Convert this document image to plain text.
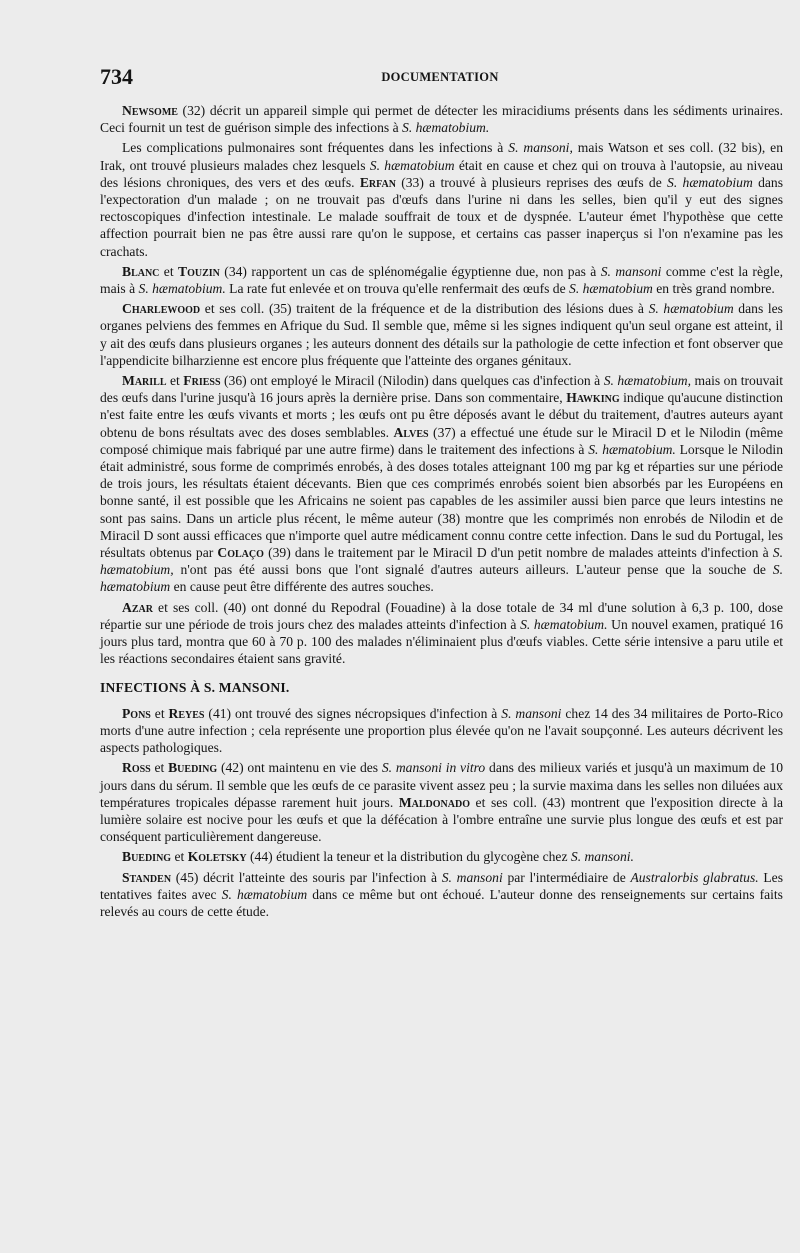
734	DOCUMENTATION

Newsome (32) décrit un appareil simple qui permet de détecter les miracidiums présents dans les sédiments urinaires. Ceci fournit un test de guérison simple des infections à S. hæmatobium.

Les complications pulmonaires sont fréquentes dans les infections à S. mansoni, mais Watson et ses coll. (32 bis), en Irak, ont trouvé plusieurs malades chez lesquels S. hæmatobium était en cause et chez qui on trouva à l'autopsie, au niveau des lésions chroniques, des vers et des œufs. Erfan (33) a trouvé à plusieurs reprises des œufs de S. hæmatobium dans l'expectoration d'un malade ; on ne trouvait pas d'œufs dans l'urine ni dans les selles, bien qu'il y eut des signes rectoscopiques d'infection intestinale. Le malade souffrait de toux et de dyspnée. L'auteur émet l'hypothèse que cette affection pourrait bien ne pas être aussi rare qu'on le suppose, et certains cas passer inaperçus si l'on n'examine pas les crachats.

Blanc et Touzin (34) rapportent un cas de splénomégalie égyptienne due, non pas à S. mansoni comme c'est la règle, mais à S. hæmatobium. La rate fut enlevée et on trouva qu'elle renfermait des œufs de S. hæmatobium en très grand nombre.

Charlewood et ses coll. (35) traitent de la fréquence et de la distribution des lésions dues à S. hæmatobium dans les organes pelviens des femmes en Afrique du Sud. Il semble que, même si les signes indiquent qu'un seul organe est atteint, il y ait des œufs dans plusieurs organes ; les auteurs donnent des détails sur la pathologie de cette infection et font observer que l'appendicite bilharzienne est encore plus fréquente que l'atteinte des organes génitaux.

Marill et Friess (36) ont employé le Miracil (Nilodin) dans quelques cas d'infection à S. hæmatobium, mais on trouvait des œufs dans l'urine jusqu'à 16 jours après la dernière prise. Dans son commentaire, Hawking indique qu'aucune distinction n'est faite entre les œufs vivants et morts ; les œufs ont pu être déposés avant le début du traitement, d'autres auteurs ayant obtenu de bons résultats avec des doses semblables. Alves (37) a effectué une étude sur le Miracil D et le Nilodin (même composé chimique mais fabriqué par une autre firme) dans le traitement des infections à S. hæmatobium. Lorsque le Nilodin était administré, sous forme de comprimés enrobés, à des doses totales atteignant 100 mg par kg et réparties sur une période de trois jours, les résultats étaient décevants. Bien que ces comprimés enrobés soient bien absorbés par les Européens en bonne santé, il est possible que les Africains ne soient pas capables de les assimiler aussi bien parce que leurs intestins ne sont pas sains. Dans un article plus récent, le même auteur (38) montre que les comprimés non enrobés de Nilodin et de Miracil D sont aussi efficaces que n'importe quel autre médicament connu contre cette infection. Dans le sud du Portugal, les résultats obtenus par Colaço (39) dans le traitement par le Miracil D d'un petit nombre de malades atteints d'infection à S. hæmatobium, n'ont pas été aussi bons que l'ont signalé d'autres auteurs ailleurs. L'auteur pense que la souche de S. hæmatobium en cause peut être différente des autres souches.

Azar et ses coll. (40) ont donné du Repodral (Fouadine) à la dose totale de 34 ml d'une solution à 6,3 p. 100, dose répartie sur une période de trois jours chez des malades atteints d'infection à S. hæmatobium. Un nouvel examen, pratiqué 16 jours plus tard, montra que 60 à 70 p. 100 des malades n'éliminaient plus d'œufs viables. Cette série intensive a paru utile et les réactions secondaires étaient sans gravité.

INFECTIONS À S. MANSONI.

Pons et Reyes (41) ont trouvé des signes nécropsiques d'infection à S. mansoni chez 14 des 34 militaires de Porto-Rico morts d'une autre infection ; cela représente une proportion plus élevée qu'on ne l'avait soupçonné. Les auteurs décrivent les aspects pathologiques.

Ross et Bueding (42) ont maintenu en vie des S. mansoni in vitro dans des milieux variés et jusqu'à un maximum de 10 jours dans du sérum. Il semble que les œufs de ce parasite vivent assez peu ; la survie maxima dans les selles non diluées aux températures tropicales dépasse rarement huit jours. Maldonado et ses coll. (43) montrent que l'exposition directe à la lumière solaire est nocive pour les œufs et que la défécation à l'ombre entraîne une survie plus longue des œufs et est par conséquent particulièrement dangereuse.

Bueding et Koletsky (44) étudient la teneur et la distribution du glycogène chez S. mansoni.

Standen (45) décrit l'atteinte des souris par l'infection à S. mansoni par l'intermédiaire de Australorbis glabratus. Les tentatives faites avec S. hæmatobium dans ce même but ont échoué. L'auteur donne des renseignements sur certains faits relevés au cours de cette étude.
